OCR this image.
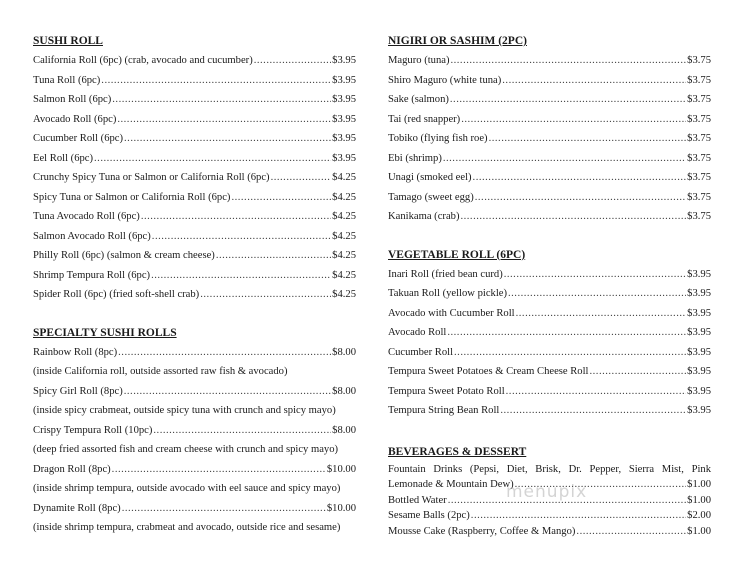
SUSHI ROLL
California Roll (6pc) (crab, avocado and cucumber) .....	$3.95
Tuna Roll (6pc) .....	$3.95
Salmon Roll (6pc) .....	$3.95
Avocado Roll (6pc) .....	$3.95
Cucumber Roll (6pc) .....	$3.95
Eel Roll (6pc) .....	$3.95
Crunchy Spicy Tuna or Salmon or California Roll (6pc) .....	$4.25
Spicy Tuna or Salmon or California Roll (6pc) .....	$4.25
Tuna Avocado Roll (6pc) .....	$4.25
Salmon Avocado Roll (6pc) .....	$4.25
Philly Roll (6pc) (salmon & cream cheese) .....	$4.25
Shrimp Tempura Roll (6pc) .....	$4.25
Spider Roll (6pc) (fried soft-shell crab) .....	$4.25
SPECIALTY SUSHI ROLLS
Rainbow Roll (8pc) .....	$8.00
(inside California roll, outside assorted raw fish & avocado)
Spicy Girl Roll (8pc) .....	$8.00
(inside spicy crabmeat, outside spicy tuna with crunch and spicy mayo)
Crispy Tempura Roll (10pc) .....	$8.00
(deep fried assorted fish and cream cheese with crunch and spicy mayo)
Dragon Roll (8pc) .....	$10.00
(inside shrimp tempura, outside avocado with eel sauce and spicy mayo)
Dynamite Roll (8pc) .....	$10.00
(inside shrimp tempura, crabmeat and avocado, outside rice and sesame)
NIGIRI OR SASHIM (2PC)
Maguro (tuna) .....	$3.75
Shiro Maguro (white tuna) .....	$3.75
Sake (salmon) .....	$3.75
Tai (red snapper) .....	$3.75
Tobiko (flying fish roe) .....	$3.75
Ebi (shrimp) .....	$3.75
Unagi (smoked eel) .....	$3.75
Tamago (sweet egg) .....	$3.75
Kanikama (crab) .....	$3.75
VEGETABLE ROLL (6PC)
Inari Roll (fried bean curd) .....	$3.95
Takuan Roll (yellow pickle) .....	$3.95
Avocado with Cucumber Roll .....	$3.95
Avocado Roll .....	$3.95
Cucumber Roll .....	$3.95
Tempura Sweet Potatoes & Cream Cheese Roll .....	$3.95
Tempura Sweet Potato Roll .....	$3.95
Tempura String Bean Roll .....	$3.95
BEVERAGES & DESSERT
Fountain Drinks (Pepsi, Diet, Brisk, Dr. Pepper, Sierra Mist, Pink
Lemonade & Mountain Dew) .....	$1.00
Bottled Water .....	$1.00
Sesame Balls (2pc) .....	$2.00
Mousse Cake (Raspberry, Coffee & Mango) .....	$1.00
menupix
